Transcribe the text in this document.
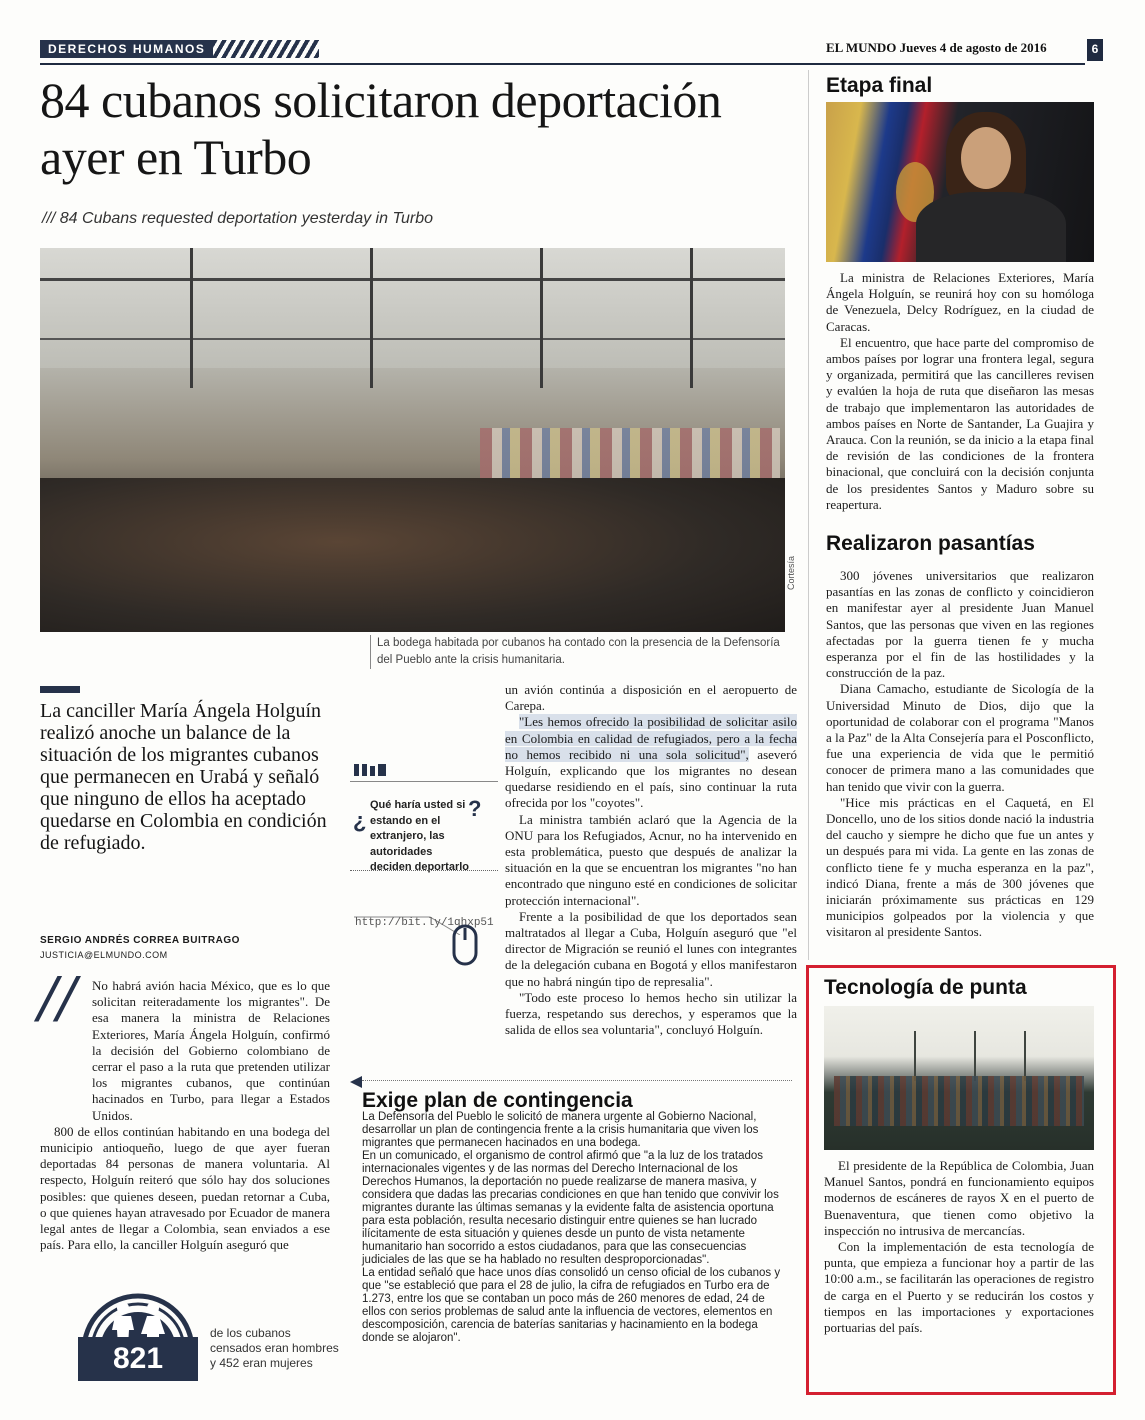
DERECHOS HUMANOS	EL MUNDO Jueves 4 de agosto de 2016	6
84 cubanos solicitaron deportación ayer en Turbo
/// 84 Cubans requested deportation yesterday in Turbo
Cortesía
La bodega habitada por cubanos ha contado con la presencia de la Defensoría del Pueblo ante la crisis humanitaria.
La canciller María Ángela Holguín realizó anoche un balance de la situación de los migrantes cubanos que permanecen en Urabá y señaló que ninguno de ellos ha aceptado quedarse en Colombia en condición de refugiado.
SERGIO ANDRÉS CORREA BUITRAGO
JUSTICIA@ELMUNDO.COM
//	No habrá avión hacia México, que es lo que solicitan reiteradamente los migrantes". De esa manera la ministra de Relaciones Exteriores, María Ángela Holguín, confirmó la decisión del Gobierno colombiano de cerrar el paso a la ruta que pretenden utilizar los migrantes cubanos, que continúan hacinados en Turbo, para llegar a Estados Unidos.

800 de ellos continúan habitando en una bodega del municipio antioqueño, luego de que ayer fueran deportadas 84 personas de manera voluntaria. Al respecto, Holguín reiteró que sólo hay dos soluciones posibles: que quienes deseen, puedan retornar a Cuba, o que quienes hayan atravesado por Ecuador de manera legal antes de llegar a Colombia, sean enviados a ese país. Para ello, la canciller Holguín aseguró que

821
de los cubanos censados eran hombres y 452 eran mujeres
¿
Qué haría usted si estando en el extranjero, las autoridades deciden deportarlo
?
http://bit.ly/1qhxp51

un avión continúa a disposición en el aeropuerto de Carepa.

"Les hemos ofrecido la posibilidad de solicitar asilo en Colombia en calidad de refugiados, pero a la fecha no hemos recibido ni una sola solicitud", aseveró Holguín, explicando que los migrantes no desean quedarse residiendo en el país, sino continuar la ruta ofrecida por los "coyotes".

La ministra también aclaró que la Agencia de la ONU para los Refugiados, Acnur, no ha intervenido en esta problemática, puesto que después de analizar la situación en la que se encuentran los migrantes "no han encontrado que ninguno esté en condiciones de solicitar protección internacional".

Frente a la posibilidad de que los deportados sean maltratados al llegar a Cuba, Holguín aseguró que "el director de Migración se reunió el lunes con integrantes de la delegación cubana en Bogotá y ellos manifestaron que no habrá ningún tipo de represalia".

"Todo este proceso lo hemos hecho sin utilizar la fuerza, respetando sus derechos, y esperamos que la salida de ellos sea voluntaria", concluyó Holguín.

Exige plan de contingencia

La Defensoría del Pueblo le solicitó de manera urgente al Gobierno Nacional, desarrollar un plan de contingencia frente a la crisis humanitaria que viven los migrantes que permanecen hacinados en una bodega.

En un comunicado, el organismo de control afirmó que "a la luz de los tratados internacionales vigentes y de las normas del Derecho Internacional de los Derechos Humanos, la deportación no puede realizarse de manera masiva, y considera que dadas las precarias condiciones en que han tenido que convivir los migrantes durante las últimas semanas y la evidente falta de asistencia oportuna para esta población, resulta necesario distinguir entre quienes se han lucrado ilícitamente de esta situación y quienes desde un punto de vista netamente humanitario han socorrido a estos ciudadanos, para que las consecuencias judiciales de las que se ha hablado no resulten desproporcionadas".

La entidad señaló que hace unos días consolidó un censo oficial de los cubanos y que "se estableció que para el 28 de julio, la cifra de refugiados en Turbo era de 1.273, entre los que se contaban un poco más de 260 menores de edad, 24 de ellos con serios problemas de salud ante la influencia de vectores, elementos en descomposición, carencia de baterías sanitarias y hacinamiento en la bodega donde se alojaron".

Etapa final

La ministra de Relaciones Exteriores, María Ángela Holguín, se reunirá hoy con su homóloga de Venezuela, Delcy Rodríguez, en la ciudad de Caracas.

El encuentro, que hace parte del compromiso de ambos países por lograr una frontera legal, segura y organizada, permitirá que las cancilleres revisen y evalúen la hoja de ruta que diseñaron las mesas de trabajo que implementaron las autoridades de ambos países en Norte de Santander, La Guajira y Arauca. Con la reunión, se da inicio a la etapa final de revisión de las condiciones de la frontera binacional, que concluirá con la decisión conjunta de los presidentes Santos y Maduro sobre su reapertura.

Realizaron pasantías

300 jóvenes universitarios que realizaron pasantías en las zonas de conflicto y coincidieron en manifestar ayer al presidente Juan Manuel Santos, que las personas que viven en las regiones afectadas por la guerra tienen fe y mucha esperanza por el fin de las hostilidades y la construcción de la paz.

Diana Camacho, estudiante de Sicología de la Universidad Minuto de Dios, dijo que la oportunidad de colaborar con el programa "Manos a la Paz" de la Alta Consejería para el Posconflicto, fue una experiencia de vida que le permitió conocer de primera mano a las comunidades que han tenido que vivir con la guerra.

"Hice mis prácticas en el Caquetá, en El Doncello, uno de los sitios donde nació la industria del caucho y siempre he dicho que fue un antes y un después para mi vida. La gente en las zonas de conflicto tiene fe y mucha esperanza en la paz", indicó Diana, frente a más de 300 jóvenes que iniciarán próximamente sus prácticas en 129 municipios golpeados por la violencia y que visitaron al presidente Santos.

Tecnología de punta

El presidente de la República de Colombia, Juan Manuel Santos, pondrá en funcionamiento equipos modernos de escáneres de rayos X en el puerto de Buenaventura, que tienen como objetivo la inspección no intrusiva de mercancías.

Con la implementación de esta tecnología de punta, que empieza a funcionar hoy a partir de las 10:00 a.m., se facilitarán las operaciones de registro de carga en el Puerto y se reducirán los costos y tiempos en las importaciones y exportaciones portuarias del país.
